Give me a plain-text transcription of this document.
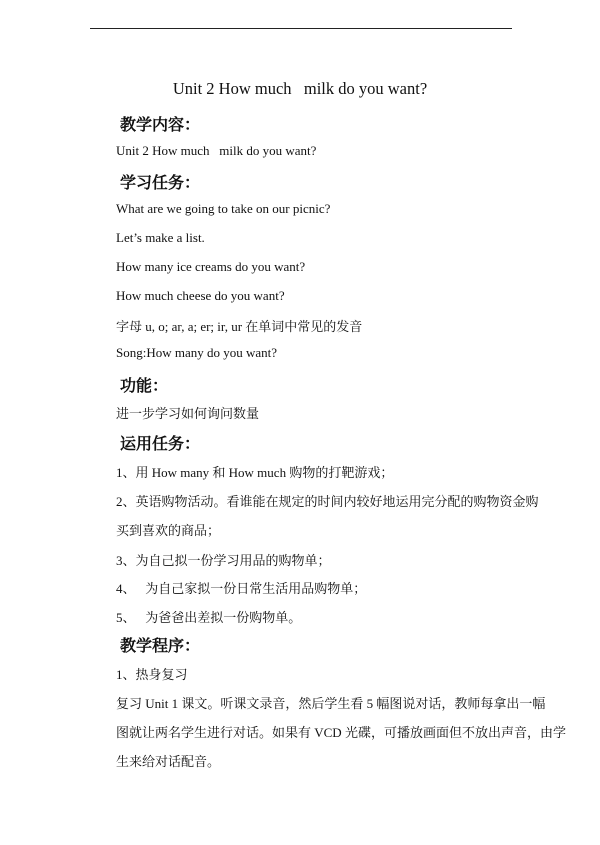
Unit 2 How much   milk do you want?
教学内容：
Unit 2 How much   milk do you want?
学习任务：
What are we going to take on our picnic?
Let’s make a list.
How many ice creams do you want?
How much cheese do you want?
字母 u, o; ar, a; er; ir, ur 在单词中常见的发音
Song:How many do you want?
功能：
进一步学习如何询问数量
运用任务：
1、用 How many 和 How much 购物的打靶游戏；
2、英语购物活动。看谁能在规定的时间内较好地运用完分配的购物资金购
买到喜欢的商品；
3、为自己拟一份学习用品的购物单；
4、   为自己家拟一份日常生活用品购物单；
5、   为爸爸出差拟一份购物单。
教学程序：
1、热身复习
复习 Unit 1 课文。听课文录音，然后学生看 5 幅图说对话，教师每拿出一幅
图就让两名学生进行对话。如果有 VCD 光碟，可播放画面但不放出声音，由学
生来给对话配音。
